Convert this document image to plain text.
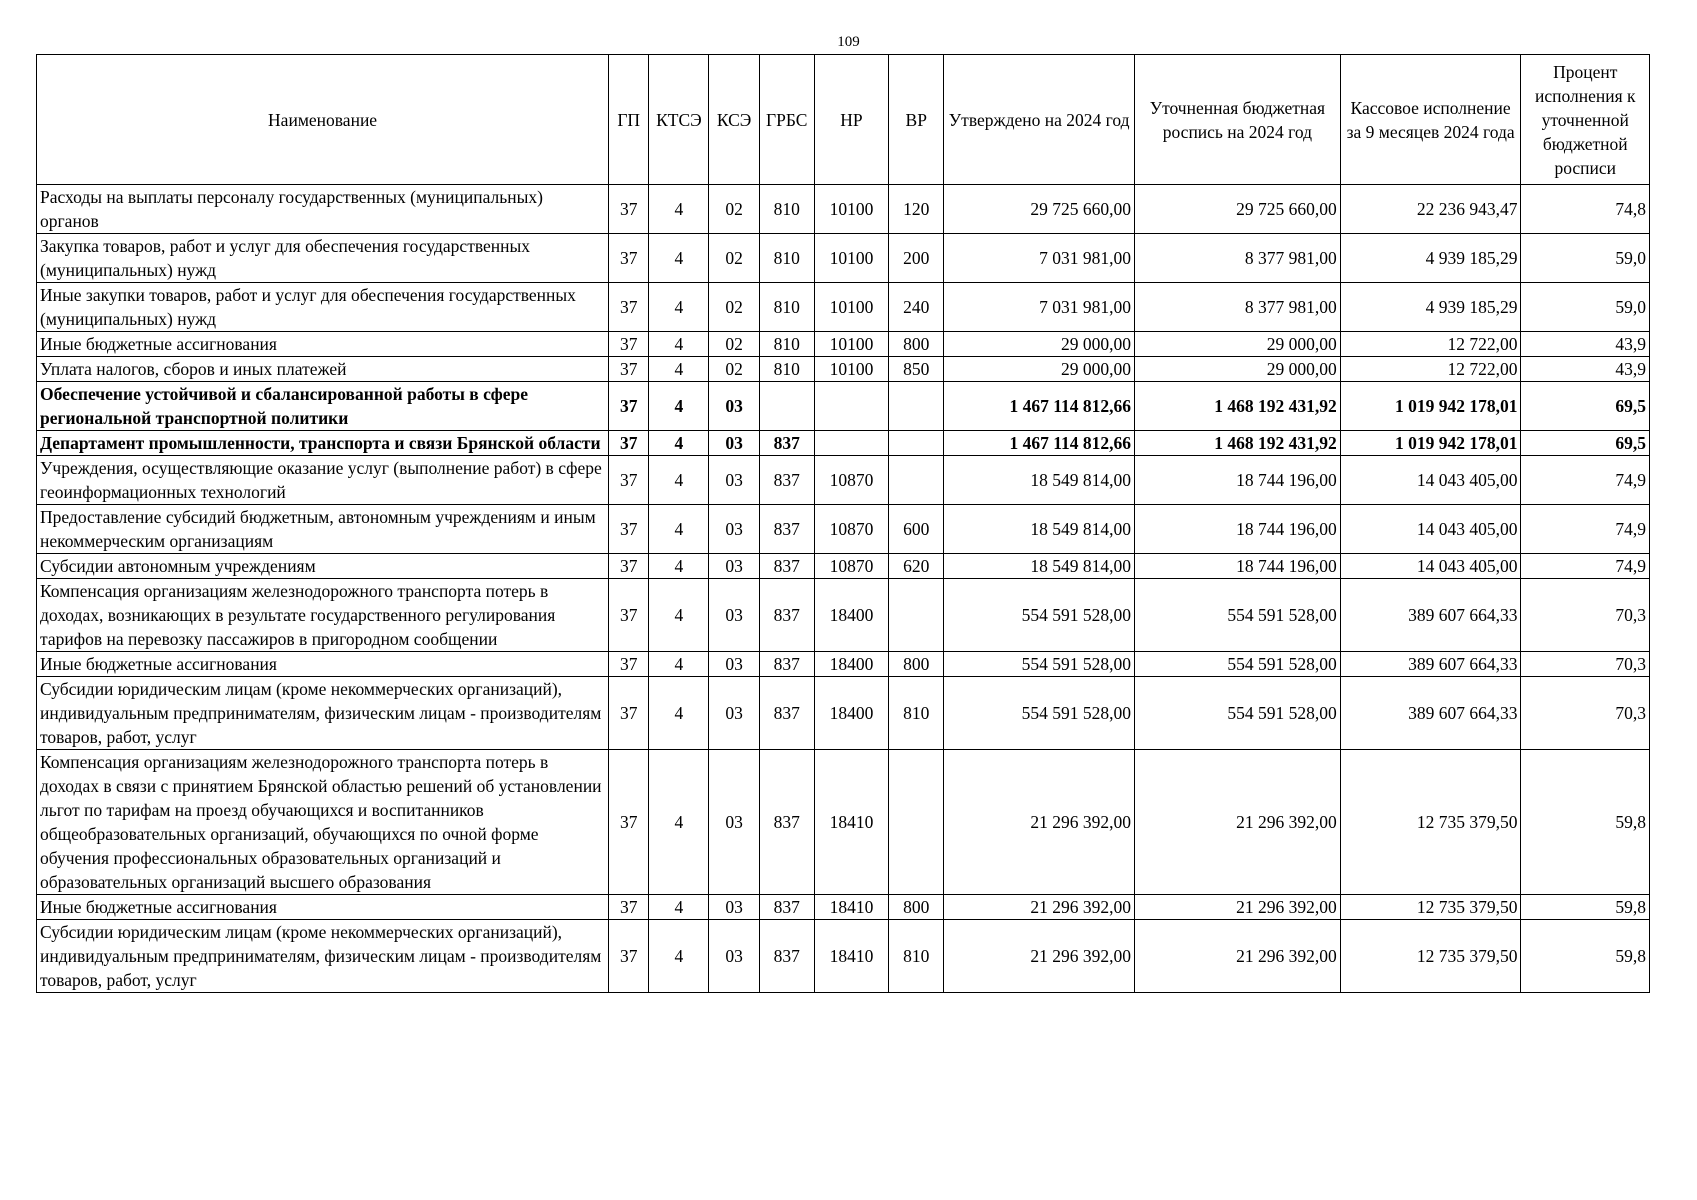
109
Наименование	ГП	КТСЭ	КСЭ	ГРБС	НР	ВР	Утверждено на 2024 год	Уточненная бюджетная роспись на 2024 год	Кассовое исполнение за 9 месяцев 2024 года	Процент исполнения к уточненной бюджетной росписи
Расходы на выплаты персоналу государственных (муниципальных) органов	37	4	02	810	10100	120	29 725 660,00	29 725 660,00	22 236 943,47	74,8
Закупка товаров, работ и услуг для обеспечения государственных (муниципальных) нужд	37	4	02	810	10100	200	7 031 981,00	8 377 981,00	4 939 185,29	59,0
Иные закупки товаров, работ и услуг для обеспечения государственных (муниципальных) нужд	37	4	02	810	10100	240	7 031 981,00	8 377 981,00	4 939 185,29	59,0
Иные бюджетные ассигнования	37	4	02	810	10100	800	29 000,00	29 000,00	12 722,00	43,9
Уплата налогов, сборов и иных платежей	37	4	02	810	10100	850	29 000,00	29 000,00	12 722,00	43,9
Обеспечение устойчивой и сбалансированной работы в сфере региональной транспортной политики	37	4	03				1 467 114 812,66	1 468 192 431,92	1 019 942 178,01	69,5
Департамент промышленности, транспорта и связи Брянской области	37	4	03	837			1 467 114 812,66	1 468 192 431,92	1 019 942 178,01	69,5
Учреждения, осуществляющие оказание услуг (выполнение работ) в сфере геоинформационных технологий	37	4	03	837	10870		18 549 814,00	18 744 196,00	14 043 405,00	74,9
Предоставление субсидий бюджетным, автономным учреждениям и иным некоммерческим организациям	37	4	03	837	10870	600	18 549 814,00	18 744 196,00	14 043 405,00	74,9
Субсидии автономным учреждениям	37	4	03	837	10870	620	18 549 814,00	18 744 196,00	14 043 405,00	74,9
Компенсация организациям железнодорожного транспорта потерь в доходах, возникающих в результате государственного регулирования тарифов на перевозку пассажиров в пригородном сообщении	37	4	03	837	18400		554 591 528,00	554 591 528,00	389 607 664,33	70,3
Иные бюджетные ассигнования	37	4	03	837	18400	800	554 591 528,00	554 591 528,00	389 607 664,33	70,3
Субсидии юридическим лицам (кроме некоммерческих организаций), индивидуальным предпринимателям, физическим лицам - производителям товаров, работ, услуг	37	4	03	837	18400	810	554 591 528,00	554 591 528,00	389 607 664,33	70,3
Компенсация организациям железнодорожного транспорта потерь в доходах в связи с принятием Брянской областью решений об установлении льгот по тарифам на проезд обучающихся и воспитанников общеобразовательных организаций, обучающихся по очной форме обучения профессиональных образовательных организаций и образовательных организаций высшего образования	37	4	03	837	18410		21 296 392,00	21 296 392,00	12 735 379,50	59,8
Иные бюджетные ассигнования	37	4	03	837	18410	800	21 296 392,00	21 296 392,00	12 735 379,50	59,8
Субсидии юридическим лицам (кроме некоммерческих организаций), индивидуальным предпринимателям, физическим лицам - производителям товаров, работ, услуг	37	4	03	837	18410	810	21 296 392,00	21 296 392,00	12 735 379,50	59,8
